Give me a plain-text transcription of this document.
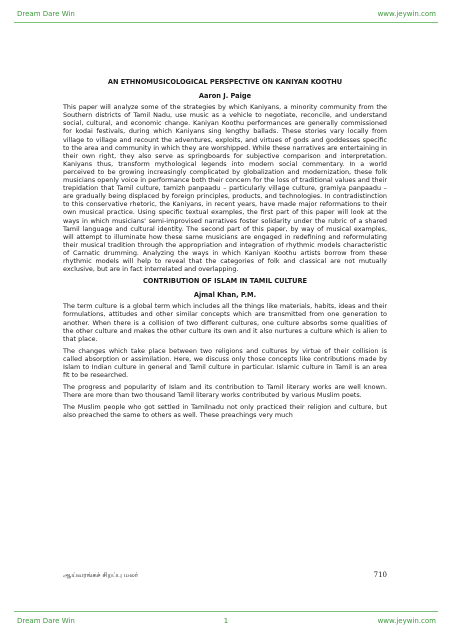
Dream Dare Win	www.jeywin.com
AN ETHNOMUSICOLOGICAL PERSPECTIVE ON KANIYAN KOOTHU
Aaron J. Paige

This paper will analyze some of the strategies by which Kaniyans, a minority community from the Southern districts of Tamil Nadu, use music as a vehicle to negotiate, reconcile, and understand social, cultural, and economic change. Kaniyan Koothu performances are generally commissioned for kodai festivals, during which Kaniyans sing lengthy ballads. These stories vary locally from village to village and recount the adventures, exploits, and virtues of gods and goddesses specific to the area and community in which they are worshipped. While these narratives are entertaining in their own right, they also serve as springboards for subjective comparison and interpretation. Kaniyans thus, transform mythological legends into modern social commentary. In a world perceived to be growing increasingly complicated by globalization and modernization, these folk musicians openly voice in performance both their concern for the loss of traditional values and their trepidation that Tamil culture, tamizh panpaadu – particularly village culture, gramiya panpaadu – are gradually being displaced by foreign principles, products, and technologies. In contradistinction to this conservative rhetoric, the Kaniyans, in recent years, have made major reformations to their own musical practice. Using specific textual examples, the first part of this paper will look at the ways in which musicians' semi-improvised narratives foster solidarity under the rubric of a shared Tamil language and cultural identity. The second part of this paper, by way of musical examples, will attempt to illuminate how these same musicians are engaged in redefining and reformulating their musical tradition through the appropriation and integration of rhythmic models characteristic of Carnatic drumming. Analyzing the ways in which Kaniyan Koothu artists borrow from these rhythmic models will help to reveal that the categories of folk and classical are not mutually exclusive, but are in fact interrelated and overlapping.

CONTRIBUTION OF ISLAM IN TAMIL CULTURE
Ajmal Khan, P.M.

The term culture is a global term which includes all the things like materials, habits, ideas and their formulations, attitudes and other similar concepts which are transmitted from one generation to another. When there is a collision of two different cultures, one culture absorbs some qualities of the other culture and makes the other culture its own and it also nurtures a culture which is alien to that place.

The changes which take place between two religions and cultures by virtue of their collision is called absorption or assimilation. Here, we discuss only those concepts like contributions made by Islam to Indian culture in general and Tamil culture in particular. Islamic culture in Tamil is an area fit to be researched.

The progress and popularity of Islam and its contribution to Tamil literary works are well known. There are more than two thousand Tamil literary works contributed by various Muslim poets.

The Muslim people who got settled in Tamilnadu not only practiced their religion and culture, but also preached the same to others as well. These preachings very much

ஆய்வரங்கச் சிறப்பு மலர்	710
Dream Dare Win	1	www.jeywin.com
